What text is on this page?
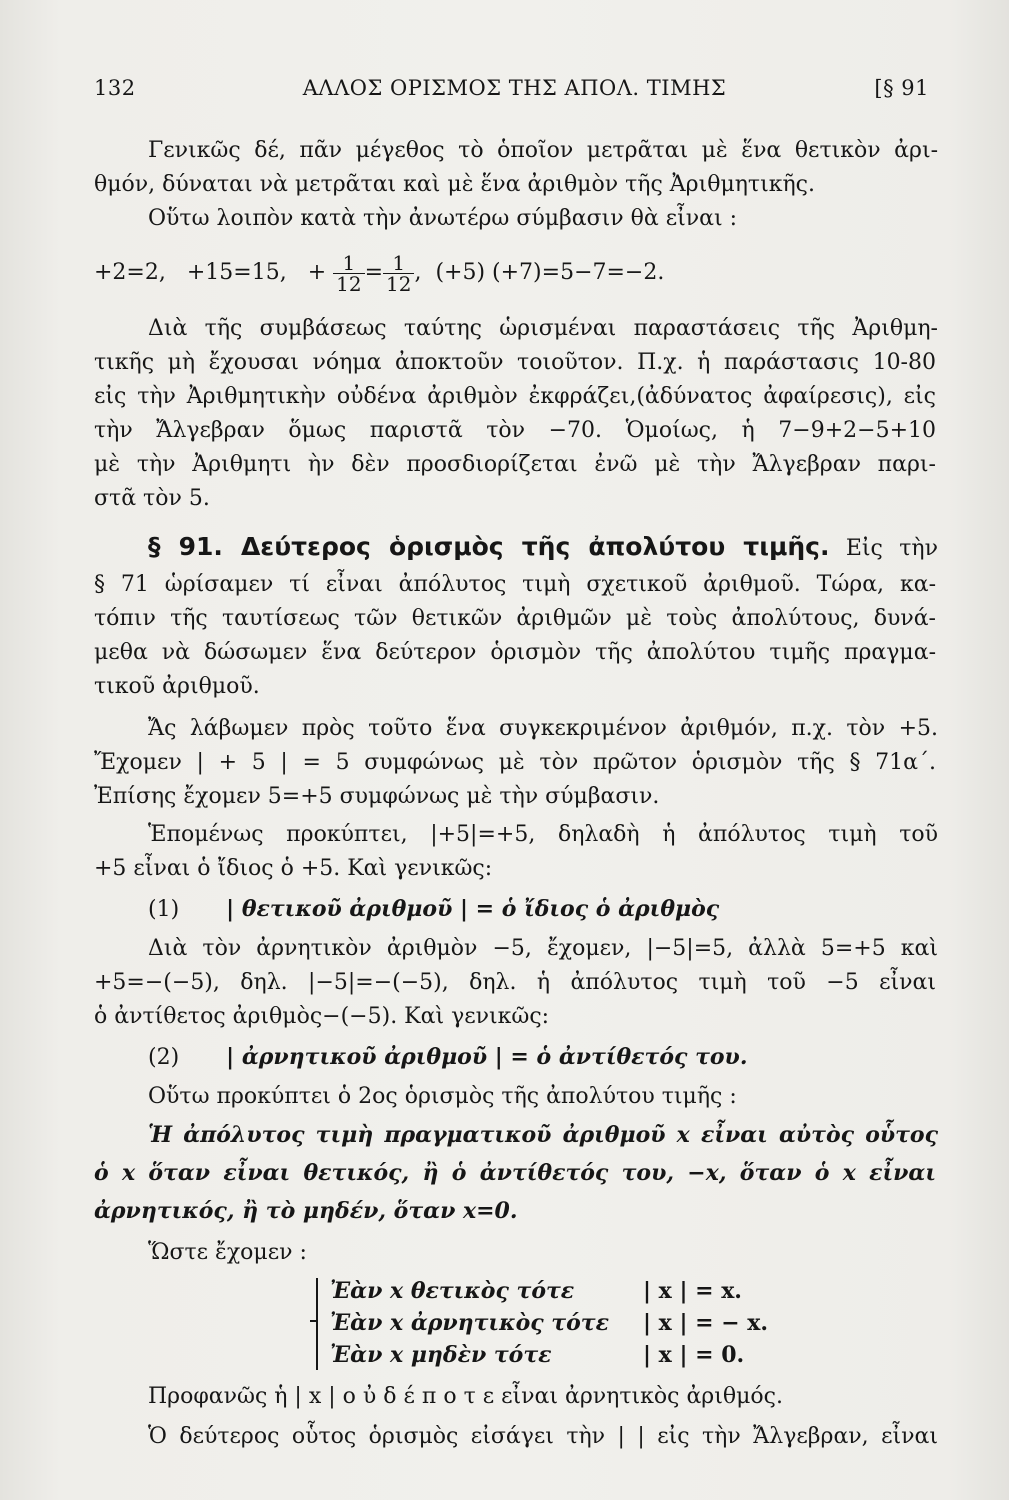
132	ΑΛΛΟΣ ΟΡΙΣΜΟΣ ΤΗΣ ΑΠΟΛ. ΤΙΜΗΣ	[§ 91
Γενικῶς δέ, πᾶν μέγεθος τὸ ὁποῖον μετρᾶται μὲ ἕνα θετικὸν ἀρι-
θμόν, δύναται νὰ μετρᾶται καὶ μὲ ἕνα ἀριθμὸν τῆς Ἀριθμητικῆς.
Οὕτω λοιπὸν κατὰ τὴν ἀνωτέρω σύμβασιν θὰ εἶναι :
+2=2, +15=15, + $\frac{1}{12} = \frac{1}{12}$ ,  (+5) (+7)=5−7=−2.
Διὰ τῆς συμβάσεως ταύτης ὡρισμέναι παραστάσεις τῆς Ἀριθμη-
τικῆς μὴ ἔχουσαι νόημα ἀποκτοῦν τοιοῦτον. Π.χ. ἡ παράστασις 10-80
εἰς τὴν Ἀριθμητικὴν οὐδένα ἀριθμὸν ἐκφράζει,(ἀδύνατος ἀφαίρεσις), εἰς
τὴν Ἄλγεβραν ὅμως παριστᾶ τὸν −70. Ὁμοίως, ἡ 7−9+2−5+10
μὲ τὴν Ἀριθμητι ὴν δὲν προσδιορίζεται ἐνῶ μὲ τὴν Ἄλγεβραν παρι-
στᾶ τὸν 5.
§ 91. Δεύτερος ὁρισμὸς τῆς ἀπολύτου τιμῆς. Εἰς τὴν
§ 71 ὡρίσαμεν τί εἶναι ἀπόλυτος τιμὴ σχετικοῦ ἀριθμοῦ. Τώρα, κα-
τόπιν τῆς ταυτίσεως τῶν θετικῶν ἀριθμῶν μὲ τοὺς ἀπολύτους, δυνά-
μεθα νὰ δώσωμεν ἕνα δεύτερον ὁρισμὸν τῆς ἀπολύτου τιμῆς πραγμα-
τικοῦ ἀριθμοῦ.
Ἄς λάβωμεν πρὸς τοῦτο ἕνα συγκεκριμένον ἀριθμόν, π.χ. τὸν +5.
Ἔχομεν | + 5 | = 5 συμφώνως μὲ τὸν πρῶτον ὁρισμὸν τῆς § 71α΄.
Ἐπίσης ἔχομεν 5=+5 συμφώνως μὲ τὴν σύμβασιν.
Ἑπομένως προκύπτει, |+5|=+5, δηλαδὴ ἡ ἀπόλυτος τιμὴ τοῦ
+5 εἶναι ὁ ἴδιος ὁ +5. Καὶ γενικῶς:
(1) | θετικοῦ ἀριθμοῦ | = ὁ ἴδιος ὁ ἀριθμὸς
Διὰ τὸν ἀρνητικὸν ἀριθμὸν −5, ἔχομεν, |−5|=5, ἀλλὰ 5=+5 καὶ
+5=−(−5), δηλ. |−5|=−(−5), δηλ. ἡ ἀπόλυτος τιμὴ τοῦ −5 εἶναι
ὁ ἀντίθετος ἀριθμὸς−(−5). Καὶ γενικῶς:
(2) | ἀρνητικοῦ ἀριθμοῦ | = ὁ ἀντίθετός του.
Οὕτω προκύπτει ὁ 2ος ὁρισμὸς τῆς ἀπολύτου τιμῆς :
Ἡ ἀπόλυτος τιμὴ πραγματικοῦ ἀριθμοῦ x εἶναι αὐτὸς οὗτος
ὁ x ὅταν εἶναι θετικός, ἢ ὁ ἀντίθετός του, −x, ὅταν ὁ x εἶναι
ἀρνητικός, ἢ τὸ μηδέν, ὅταν x=0.
Ὥστε ἔχομεν :
Ἐὰν x θετικὸς τότε	| x | = x.
Ἐὰν x ἀρνητικὸς τότε | x | = − x.
Ἐὰν x μηδὲν τότε	| x | = 0.
Προφανῶς ἡ | x | ο ὐ δ έ π ο τ ε εἶναι ἀρνητικὸς ἀριθμός.
Ὁ δεύτερος οὗτος ὁρισμὸς εἰσάγει τὴν | | εἰς τὴν Ἄλγεβραν, εἶναι
